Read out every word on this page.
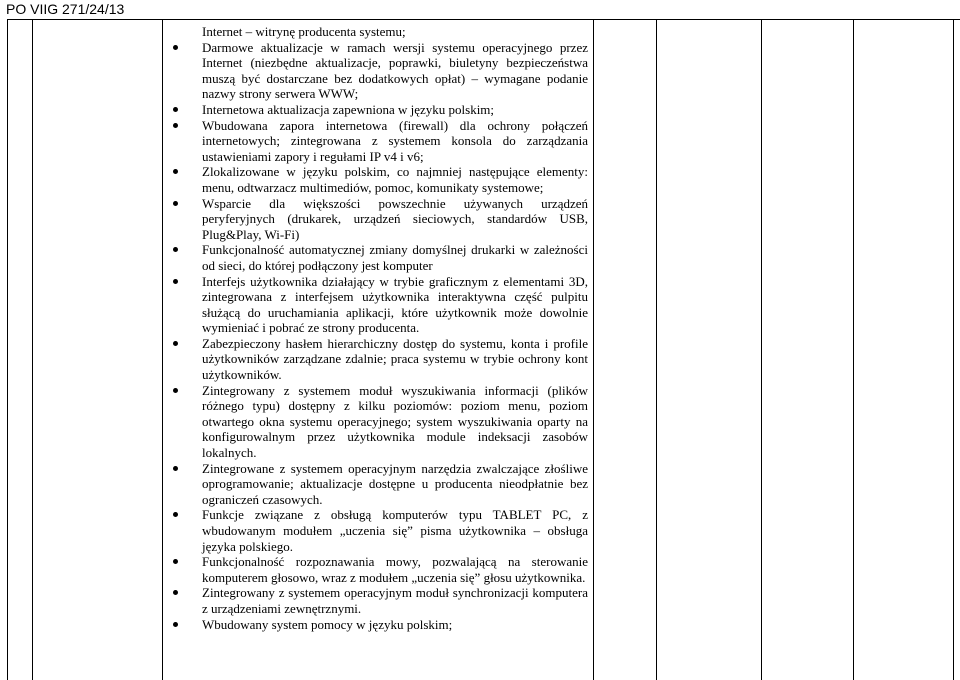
PO VIIG 271/24/13
Internet – witrynę producenta systemu;
Darmowe aktualizacje w ramach wersji systemu operacyjnego przez Internet (niezbędne aktualizacje, poprawki, biuletyny bezpieczeństwa muszą być dostarczane bez dodatkowych opłat) – wymagane podanie nazwy strony serwera WWW;
Internetowa aktualizacja zapewniona w języku polskim;
Wbudowana zapora internetowa (firewall) dla ochrony połączeń internetowych; zintegrowana z systemem konsola do zarządzania ustawieniami zapory i regułami IP v4 i v6;
Zlokalizowane w języku polskim, co najmniej następujące elementy: menu, odtwarzacz multimediów, pomoc, komunikaty systemowe;
Wsparcie dla większości powszechnie używanych urządzeń peryferyjnych (drukarek, urządzeń sieciowych, standardów USB, Plug&Play, Wi-Fi)
Funkcjonalność automatycznej zmiany domyślnej drukarki w zależności od sieci, do której podłączony jest komputer
Interfejs użytkownika działający w trybie graficznym z elementami 3D, zintegrowana z interfejsem użytkownika interaktywna część pulpitu służącą do uruchamiania aplikacji, które użytkownik może dowolnie wymieniać i pobrać ze strony producenta.
Zabezpieczony hasłem hierarchiczny dostęp do systemu, konta i profile użytkowników zarządzane zdalnie; praca systemu w trybie ochrony kont użytkowników.
Zintegrowany z systemem moduł wyszukiwania informacji (plików różnego typu) dostępny z kilku poziomów: poziom menu, poziom otwartego okna systemu operacyjnego; system wyszukiwania oparty na konfigurowalnym przez użytkownika module indeksacji zasobów lokalnych.
Zintegrowane z systemem operacyjnym narzędzia zwalczające złośliwe oprogramowanie; aktualizacje dostępne u producenta nieodpłatnie bez ograniczeń czasowych.
Funkcje związane z obsługą komputerów typu TABLET PC, z wbudowanym modułem „uczenia się” pisma użytkownika – obsługa języka polskiego.
Funkcjonalność rozpoznawania mowy, pozwalającą na sterowanie komputerem głosowo, wraz z modułem „uczenia się” głosu użytkownika.
Zintegrowany z systemem operacyjnym moduł synchronizacji komputera z urządzeniami zewnętrznymi.
Wbudowany system pomocy w języku polskim;
